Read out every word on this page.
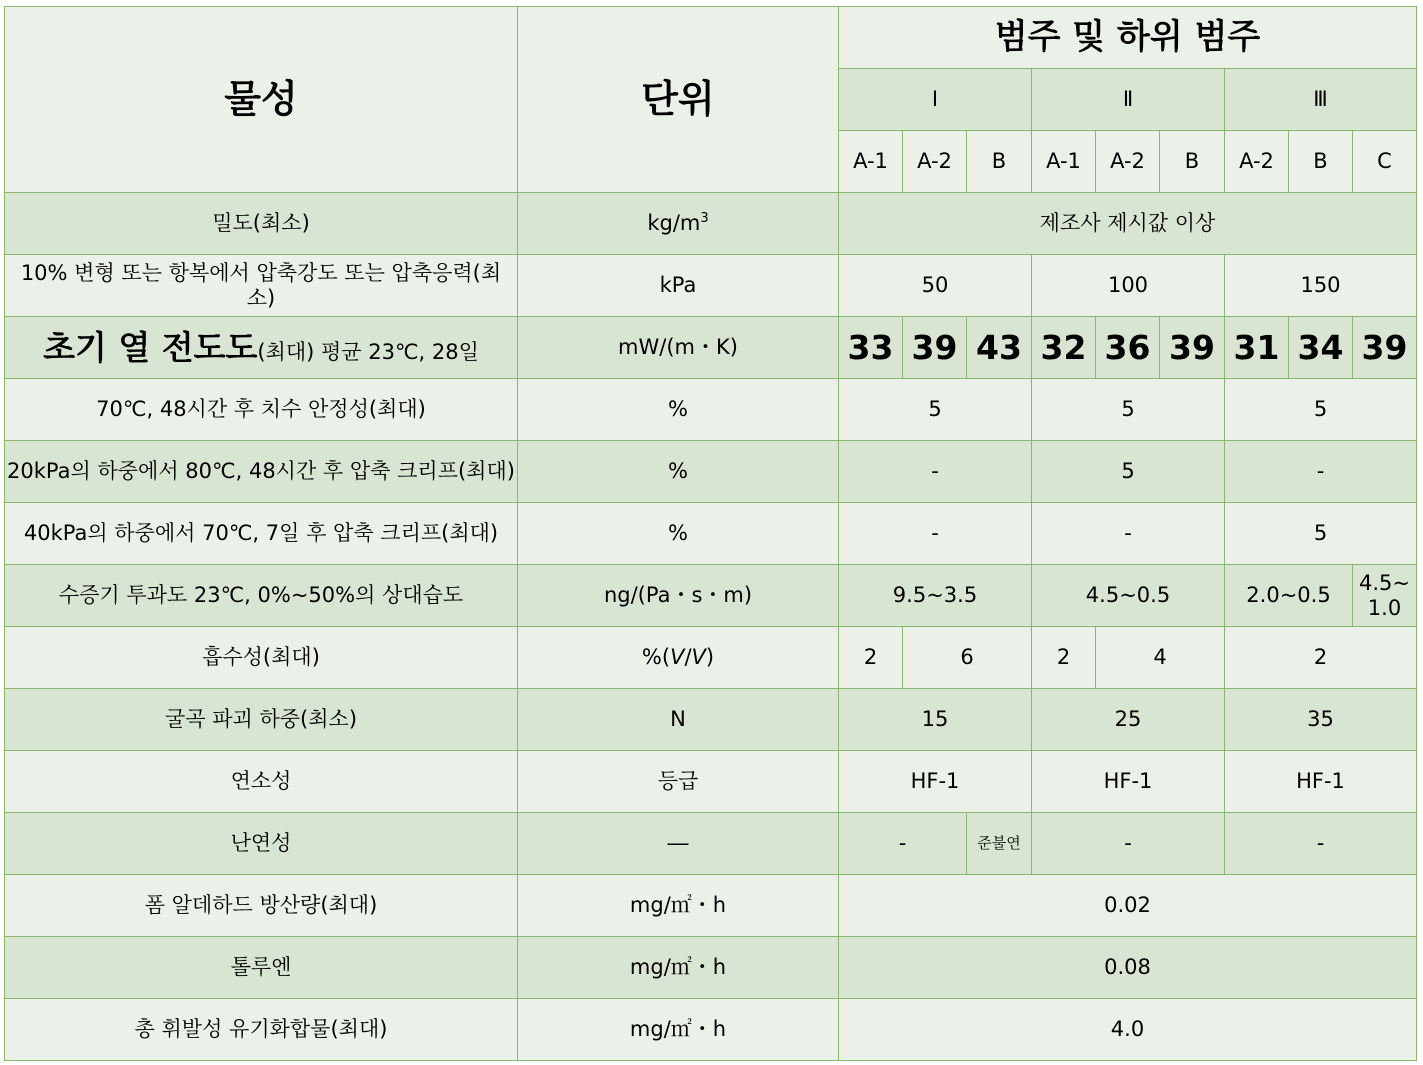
물성	단위	범주 및 하위 범주								
		Ⅰ			Ⅱ			Ⅲ		
		A-1	A-2	B	A-1	A-2	B	A-2	B	C
밀도(최소)	$kg/m^3$	제조사 제시값 이상								
10% 변형 또는 항복에서 압축강도 또는 압축응력(최소)	kPa	50			100			150		
초기 열 전도도(최대) 평균 23℃, 28일	mW/(m・K)	33	39	43	32	36	39	31	34	39
70℃, 48시간 후 치수 안정성(최대)	%	5			5			5		
20kPa의 하중에서 80℃, 48시간 후 압축 크리프(최대)	%	-			5			-		
40kPa의 하중에서 70℃, 7일 후 압축 크리프(최대)	%	-			-			5		
수증기 투과도 23℃, 0%~50%의 상대습도	ng/(Pa・s・m)	9.5~3.5			4.5~0.5			2.0~0.5		4.5~ 1.0
흡수성(최대)	%(V/V)	2	6		2	4		2		
굴곡 파괴 하중(최소)	N	15			25			35		
연소성	등급	HF-1			HF-1			HF-1		
난연성	―	-		준불연	-			-		
폼 알데하드 방산량(최대)	mg/㎡・h	0.02								
톨루엔	mg/㎡・h	0.08								
총 휘발성 유기화합물(최대)	mg/㎡・h	4.0								
